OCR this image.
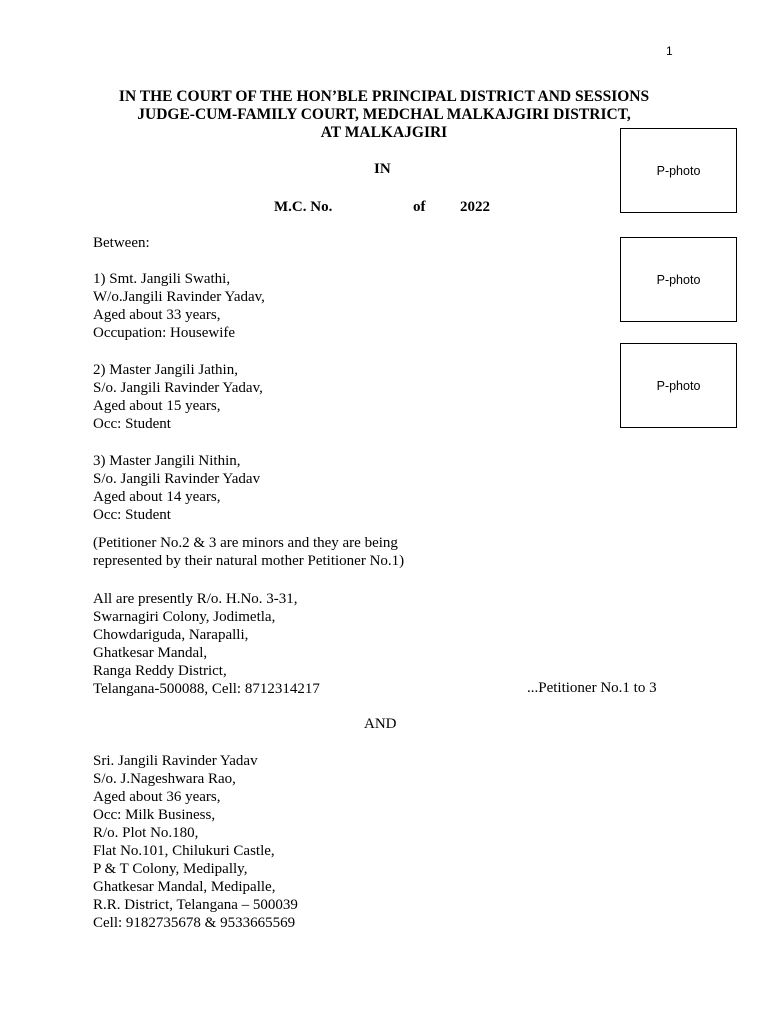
1
IN THE COURT OF THE HON’BLE PRINCIPAL DISTRICT AND SESSIONS
JUDGE-CUM-FAMILY COURT, MEDCHAL MALKAJGIRI DISTRICT,
AT MALKAJGIRI
IN
M.C. No.	of 2022
P-photo
P-photo
P-photo
Between:
1) Smt. Jangili Swathi,
W/o.Jangili Ravinder Yadav,
Aged about 33 years,
Occupation: Housewife
2) Master Jangili Jathin,
S/o. Jangili Ravinder Yadav,
Aged about 15 years,
Occ: Student
3) Master Jangili Nithin,
S/o. Jangili Ravinder Yadav
Aged about 14 years,
Occ: Student
(Petitioner No.2 & 3 are minors and they are being
represented by their natural mother Petitioner No.1)
All are presently R/o. H.No. 3-31,
Swarnagiri Colony, Jodimetla,
Chowdariguda, Narapalli,
Ghatkesar Mandal,
Ranga Reddy District,
Telangana-500088, Cell: 8712314217	...Petitioner No.1 to 3
AND
Sri. Jangili Ravinder Yadav
S/o. J.Nageshwara Rao,
Aged about 36 years,
Occ: Milk Business,
R/o. Plot No.180,
Flat No.101, Chilukuri Castle,
P & T Colony, Medipally,
Ghatkesar Mandal, Medipalle,
R.R. District, Telangana – 500039
Cell: 9182735678 & 9533665569
